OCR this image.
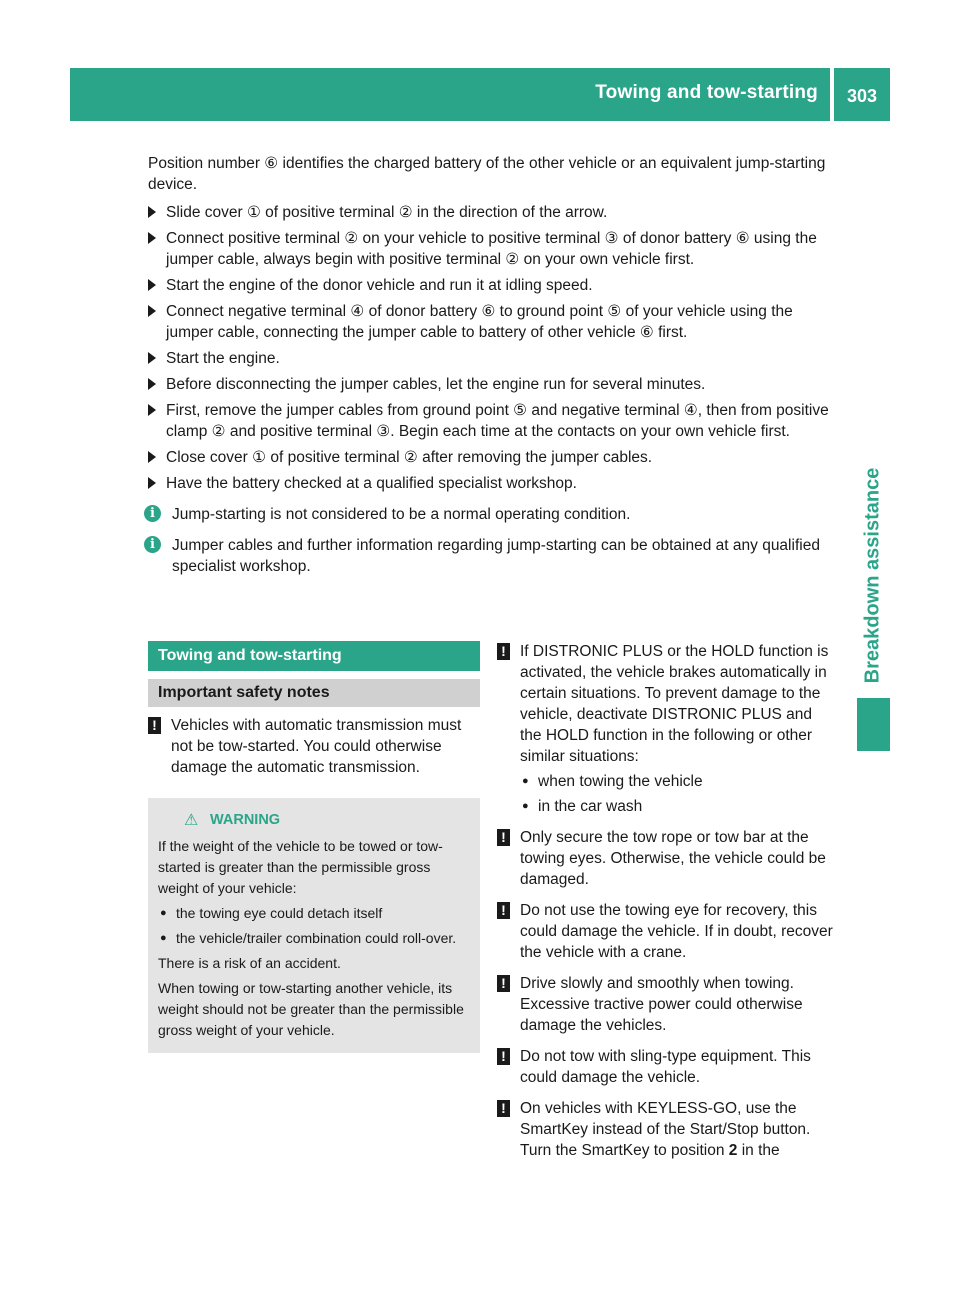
Towing and tow-starting	303
Breakdown assistance

Position number ⑥ identifies the charged battery of the other vehicle or an equivalent jump-starting device.

Slide cover ① of positive terminal ② in the direction of the arrow.
Connect positive terminal ② on your vehicle to positive terminal ③ of donor battery ⑥ using the jumper cable, always begin with positive terminal ② on your own vehicle first.
Start the engine of the donor vehicle and run it at idling speed.
Connect negative terminal ④ of donor battery ⑥ to ground point ⑤ of your vehicle using the jumper cable, connecting the jumper cable to battery of other vehicle ⑥ first.
Start the engine.
Before disconnecting the jumper cables, let the engine run for several minutes.
First, remove the jumper cables from ground point ⑤ and negative terminal ④, then from positive clamp ② and positive terminal ③. Begin each time at the contacts on your own vehicle first.
Close cover ① of positive terminal ② after removing the jumper cables.
Have the battery checked at a qualified specialist workshop.
i	Jump-starting is not considered to be a normal operating condition.
i	Jumper cables and further information regarding jump-starting can be obtained at any qualified specialist workshop.
Towing and tow-starting
Important safety notes
! Vehicles with automatic transmission must not be tow-started. You could otherwise damage the automatic transmission.
⚠ WARNING

If the weight of the vehicle to be towed or tow-started is greater than the permissible gross weight of your vehicle:

● the towing eye could detach itself
● the vehicle/trailer combination could roll-over.

There is a risk of an accident.

When towing or tow-starting another vehicle, its weight should not be greater than the permissible gross weight of your vehicle.

! If DISTRONIC PLUS or the HOLD function is activated, the vehicle brakes automatically in certain situations. To prevent damage to the vehicle, deactivate DISTRONIC PLUS and the HOLD function in the following or other similar situations:
● when towing the vehicle
● in the car wash
! Only secure the tow rope or tow bar at the towing eyes. Otherwise, the vehicle could be damaged.
! Do not use the towing eye for recovery, this could damage the vehicle. If in doubt, recover the vehicle with a crane.
! Drive slowly and smoothly when towing. Excessive tractive power could otherwise damage the vehicles.
! Do not tow with sling-type equipment. This could damage the vehicle.
! On vehicles with KEYLESS-GO, use the SmartKey instead of the Start/Stop button. Turn the SmartKey to position 2 in the
